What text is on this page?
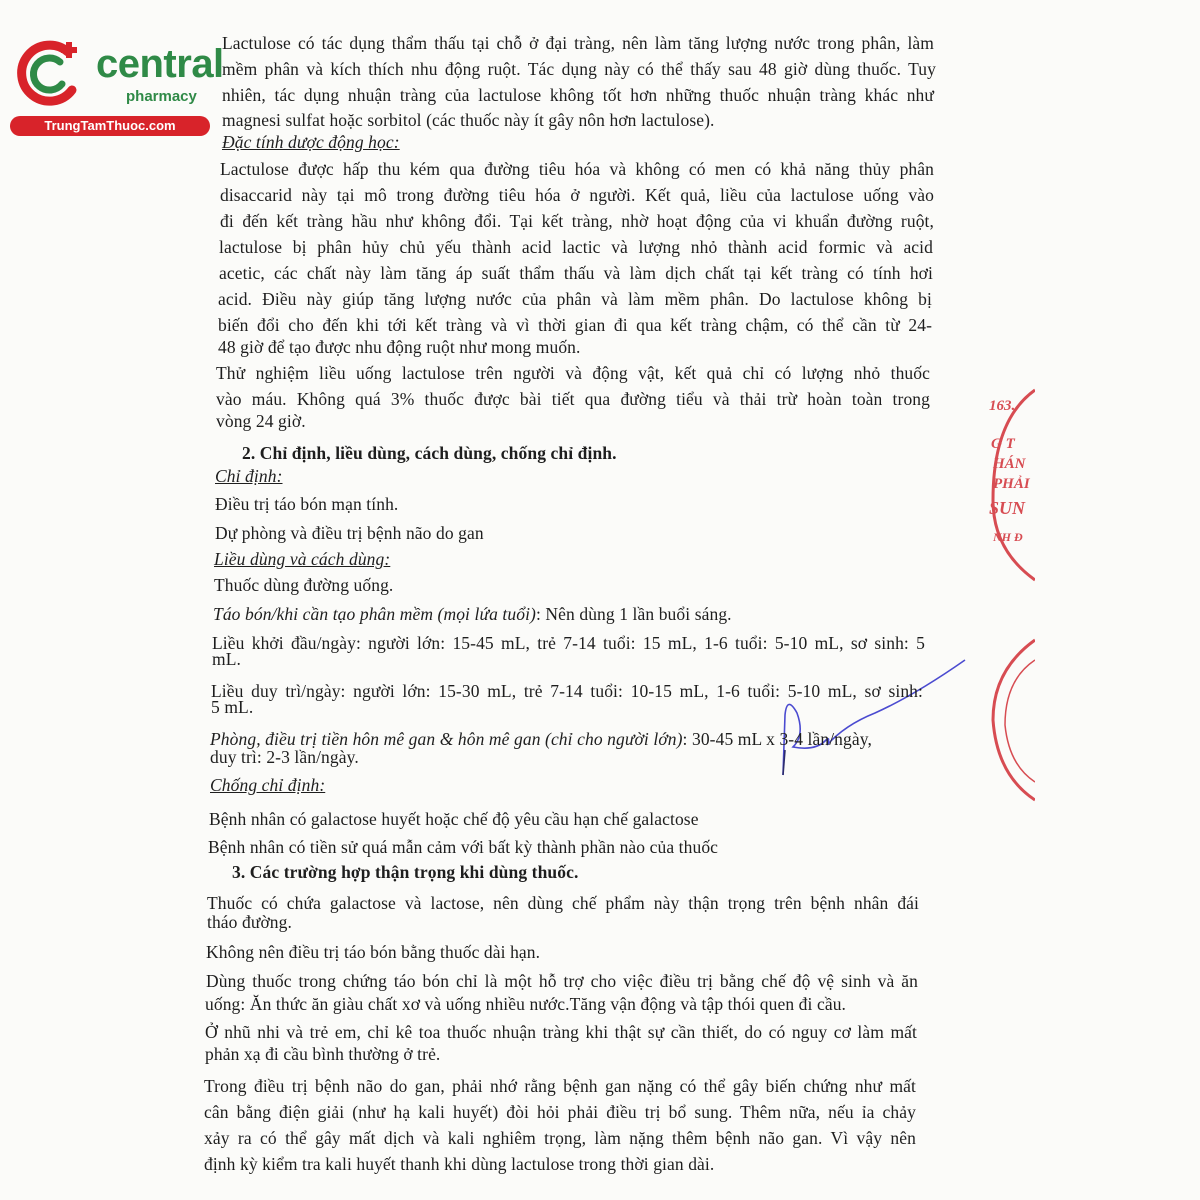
central
pharmacy
TrungTamThuoc.com
163.
G T
HÁN
PHẢI
SUN
NH Đ
Lactulose có tác dụng thẩm thấu tại chỗ ở đại tràng, nên làm tăng lượng nước trong phân, làm
mềm phân và kích thích nhu động ruột. Tác dụng này có thể thấy sau 48 giờ dùng thuốc. Tuy
nhiên, tác dụng nhuận tràng của lactulose không tốt hơn những thuốc nhuận tràng khác như
magnesi sulfat hoặc sorbitol (các thuốc này ít gây nôn hơn lactulose).
Đặc tính dược động học:
Lactulose được hấp thu kém qua đường tiêu hóa và không có men có khả năng thủy phân
disaccarid này tại mô trong đường tiêu hóa ở người. Kết quả, liều của lactulose uống vào
đi đến kết tràng hầu như không đổi. Tại kết tràng, nhờ hoạt động của vi khuẩn đường ruột,
lactulose bị phân hủy chủ yếu thành acid lactic và lượng nhỏ thành acid formic và acid
acetic, các chất này làm tăng áp suất thẩm thấu và làm dịch chất tại kết tràng có tính hơi
acid. Điều này giúp tăng lượng nước của phân và làm mềm phân. Do lactulose không bị
biến đổi cho đến khi tới kết tràng và vì thời gian đi qua kết tràng chậm, có thể cần từ 24-
48 giờ để tạo được nhu động ruột như mong muốn.
Thử nghiệm liều uống lactulose trên người và động vật, kết quả chỉ có lượng nhỏ thuốc
vào máu. Không quá 3% thuốc được bài tiết qua đường tiểu và thải trừ hoàn toàn trong
vòng 24 giờ.
2. Chỉ định, liều dùng, cách dùng, chống chỉ định.
Chỉ định:
Điều trị táo bón mạn tính.
Dự phòng và điều trị bệnh não do gan
Liều dùng và cách dùng:
Thuốc dùng đường uống.
Táo bón/khi cần tạo phân mềm (mọi lứa tuổi): Nên dùng 1 lần buổi sáng.
Liều khởi đầu/ngày: người lớn: 15-45 mL, trẻ 7-14 tuổi: 15 mL, 1-6 tuổi: 5-10 mL, sơ sinh: 5
mL.
Liều duy trì/ngày: người lớn: 15-30 mL, trẻ 7-14 tuổi: 10-15 mL, 1-6 tuổi: 5-10 mL, sơ sinh:
5 mL.
Phòng, điều trị tiền hôn mê gan & hôn mê gan (chỉ cho người lớn): 30-45 mL x 3-4 lần/ngày,
duy trì: 2-3 lần/ngày.
Chống chỉ định:
Bệnh nhân có galactose huyết hoặc chế độ yêu cầu hạn chế galactose
Bệnh nhân có tiền sử quá mẫn cảm với bất kỳ thành phần nào của thuốc
3. Các trường hợp thận trọng khi dùng thuốc.
Thuốc có chứa galactose và lactose, nên dùng chế phẩm này thận trọng trên bệnh nhân đái
tháo đường.
Không nên điều trị táo bón bằng thuốc dài hạn.
Dùng thuốc trong chứng táo bón chỉ là một hỗ trợ cho việc điều trị bằng chế độ vệ sinh và ăn
uống: Ăn thức ăn giàu chất xơ và uống nhiều nước.Tăng vận động và tập thói quen đi cầu.
Ở nhũ nhi và trẻ em, chỉ kê toa thuốc nhuận tràng khi thật sự cần thiết, do có nguy cơ làm mất
phản xạ đi cầu bình thường ở trẻ.
Trong điều trị bệnh não do gan, phải nhớ rằng bệnh gan nặng có thể gây biến chứng như mất
cân bằng điện giải (như hạ kali huyết) đòi hỏi phải điều trị bổ sung. Thêm nữa, nếu ỉa chảy
xảy ra có thể gây mất dịch và kali nghiêm trọng, làm nặng thêm bệnh não gan. Vì vậy nên
định kỳ kiểm tra kali huyết thanh khi dùng lactulose trong thời gian dài.
